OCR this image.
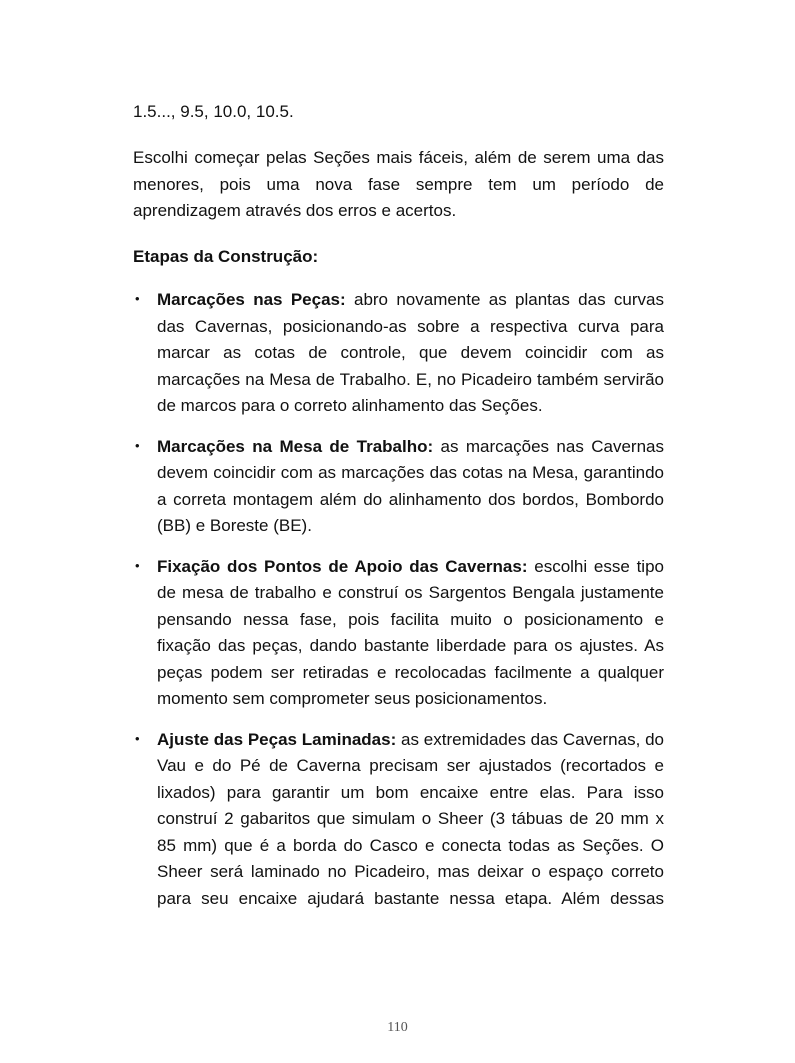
1.5..., 9.5, 10.0, 10.5.

Escolhi começar pelas Seções mais fáceis, além de serem uma das menores, pois uma nova fase sempre tem um período de aprendizagem através dos erros e acertos.

Etapas da Construção:
• Marcações nas Peças: abro novamente as plantas das curvas das Cavernas, posicionando-as sobre a respectiva curva para marcar as cotas de controle, que devem coincidir com as marcações na Mesa de Trabalho. E, no Picadeiro também servirão de marcos para o correto alinhamento das Seções.
• Marcações na Mesa de Trabalho: as marcações nas Cavernas devem coincidir com as marcações das cotas na Mesa, garantindo a correta montagem além do alinhamento dos bordos, Bombordo (BB) e Boreste (BE).
• Fixação dos Pontos de Apoio das Cavernas: escolhi esse tipo de mesa de trabalho e construí os Sargentos Bengala justamente pensando nessa fase, pois facilita muito o posicionamento e fixação das peças, dando bastante liberdade para os ajustes. As peças podem ser retiradas e recolocadas facilmente a qualquer momento sem comprometer seus posicionamentos.
• Ajuste das Peças Laminadas: as extremidades das Cavernas, do Vau e do Pé de Caverna precisam ser ajustados (recortados e lixados) para garantir um bom encaixe entre elas. Para isso construí 2 gabaritos que simulam o Sheer (3 tábuas de 20 mm x 85 mm) que é a borda do Casco e conecta todas as Seções. O Sheer será laminado no Picadeiro, mas deixar o espaço correto para seu encaixe ajudará bastante nessa etapa. Além dessas
110
